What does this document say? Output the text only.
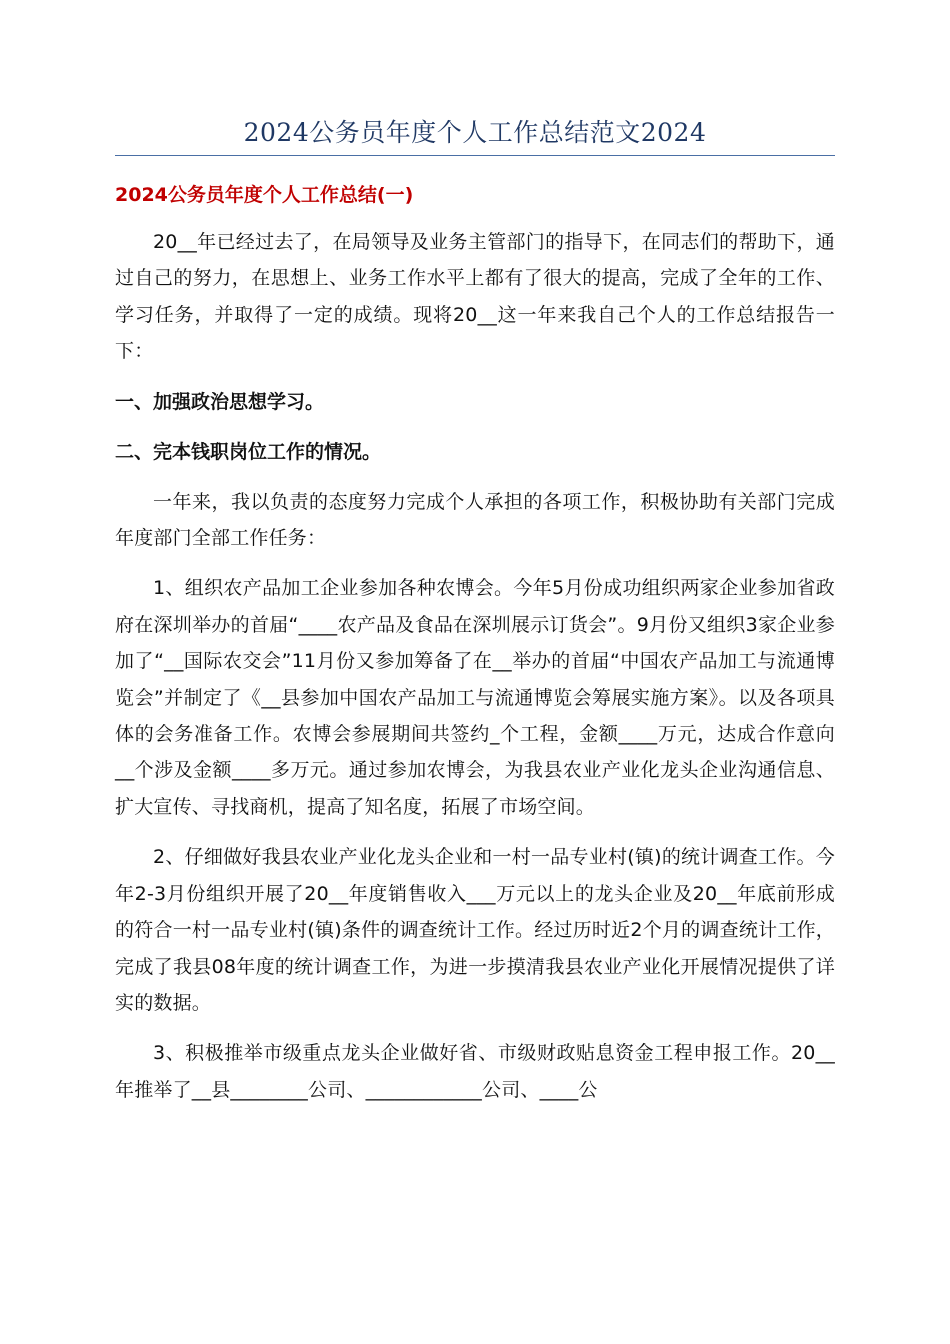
2024公务员年度个人工作总结范文2024
2024公务员年度个人工作总结(一)

20__年已经过去了，在局领导及业务主管部门的指导下，在同志们的帮助下，通过自己的努力，在思想上、业务工作水平上都有了很大的提高，完成了全年的工作、学习任务，并取得了一定的成绩。现将20__这一年来我自己个人的工作总结报告一下：

一、加强政治思想学习。
二、完本钱职岗位工作的情况。

一年来，我以负责的态度努力完成个人承担的各项工作，积极协助有关部门完成年度部门全部工作任务：

1、组织农产品加工企业参加各种农博会。今年5月份成功组织两家企业参加省政府在深圳举办的首届“____农产品及食品在深圳展示订货会”。9月份又组织3家企业参加了“__国际农交会”11月份又参加筹备了在__举办的首届“中国农产品加工与流通博览会”并制定了《__县参加中国农产品加工与流通博览会筹展实施方案》。以及各项具体的会务准备工作。农博会参展期间共签约_个工程，金额____万元，达成合作意向__个涉及金额____多万元。通过参加农博会，为我县农业产业化龙头企业沟通信息、扩大宣传、寻找商机，提高了知名度，拓展了市场空间。

2、仔细做好我县农业产业化龙头企业和一村一品专业村(镇)的统计调查工作。今年2-3月份组织开展了20__年度销售收入___万元以上的龙头企业及20__年底前形成的符合一村一品专业村(镇)条件的调查统计工作。经过历时近2个月的调查统计工作，完成了我县08年度的统计调查工作，为进一步摸清我县农业产业化开展情况提供了详实的数据。

3、积极推举市级重点龙头企业做好省、市级财政贴息资金工程申报工作。20__年推举了__县________公司、____________公司、____公
